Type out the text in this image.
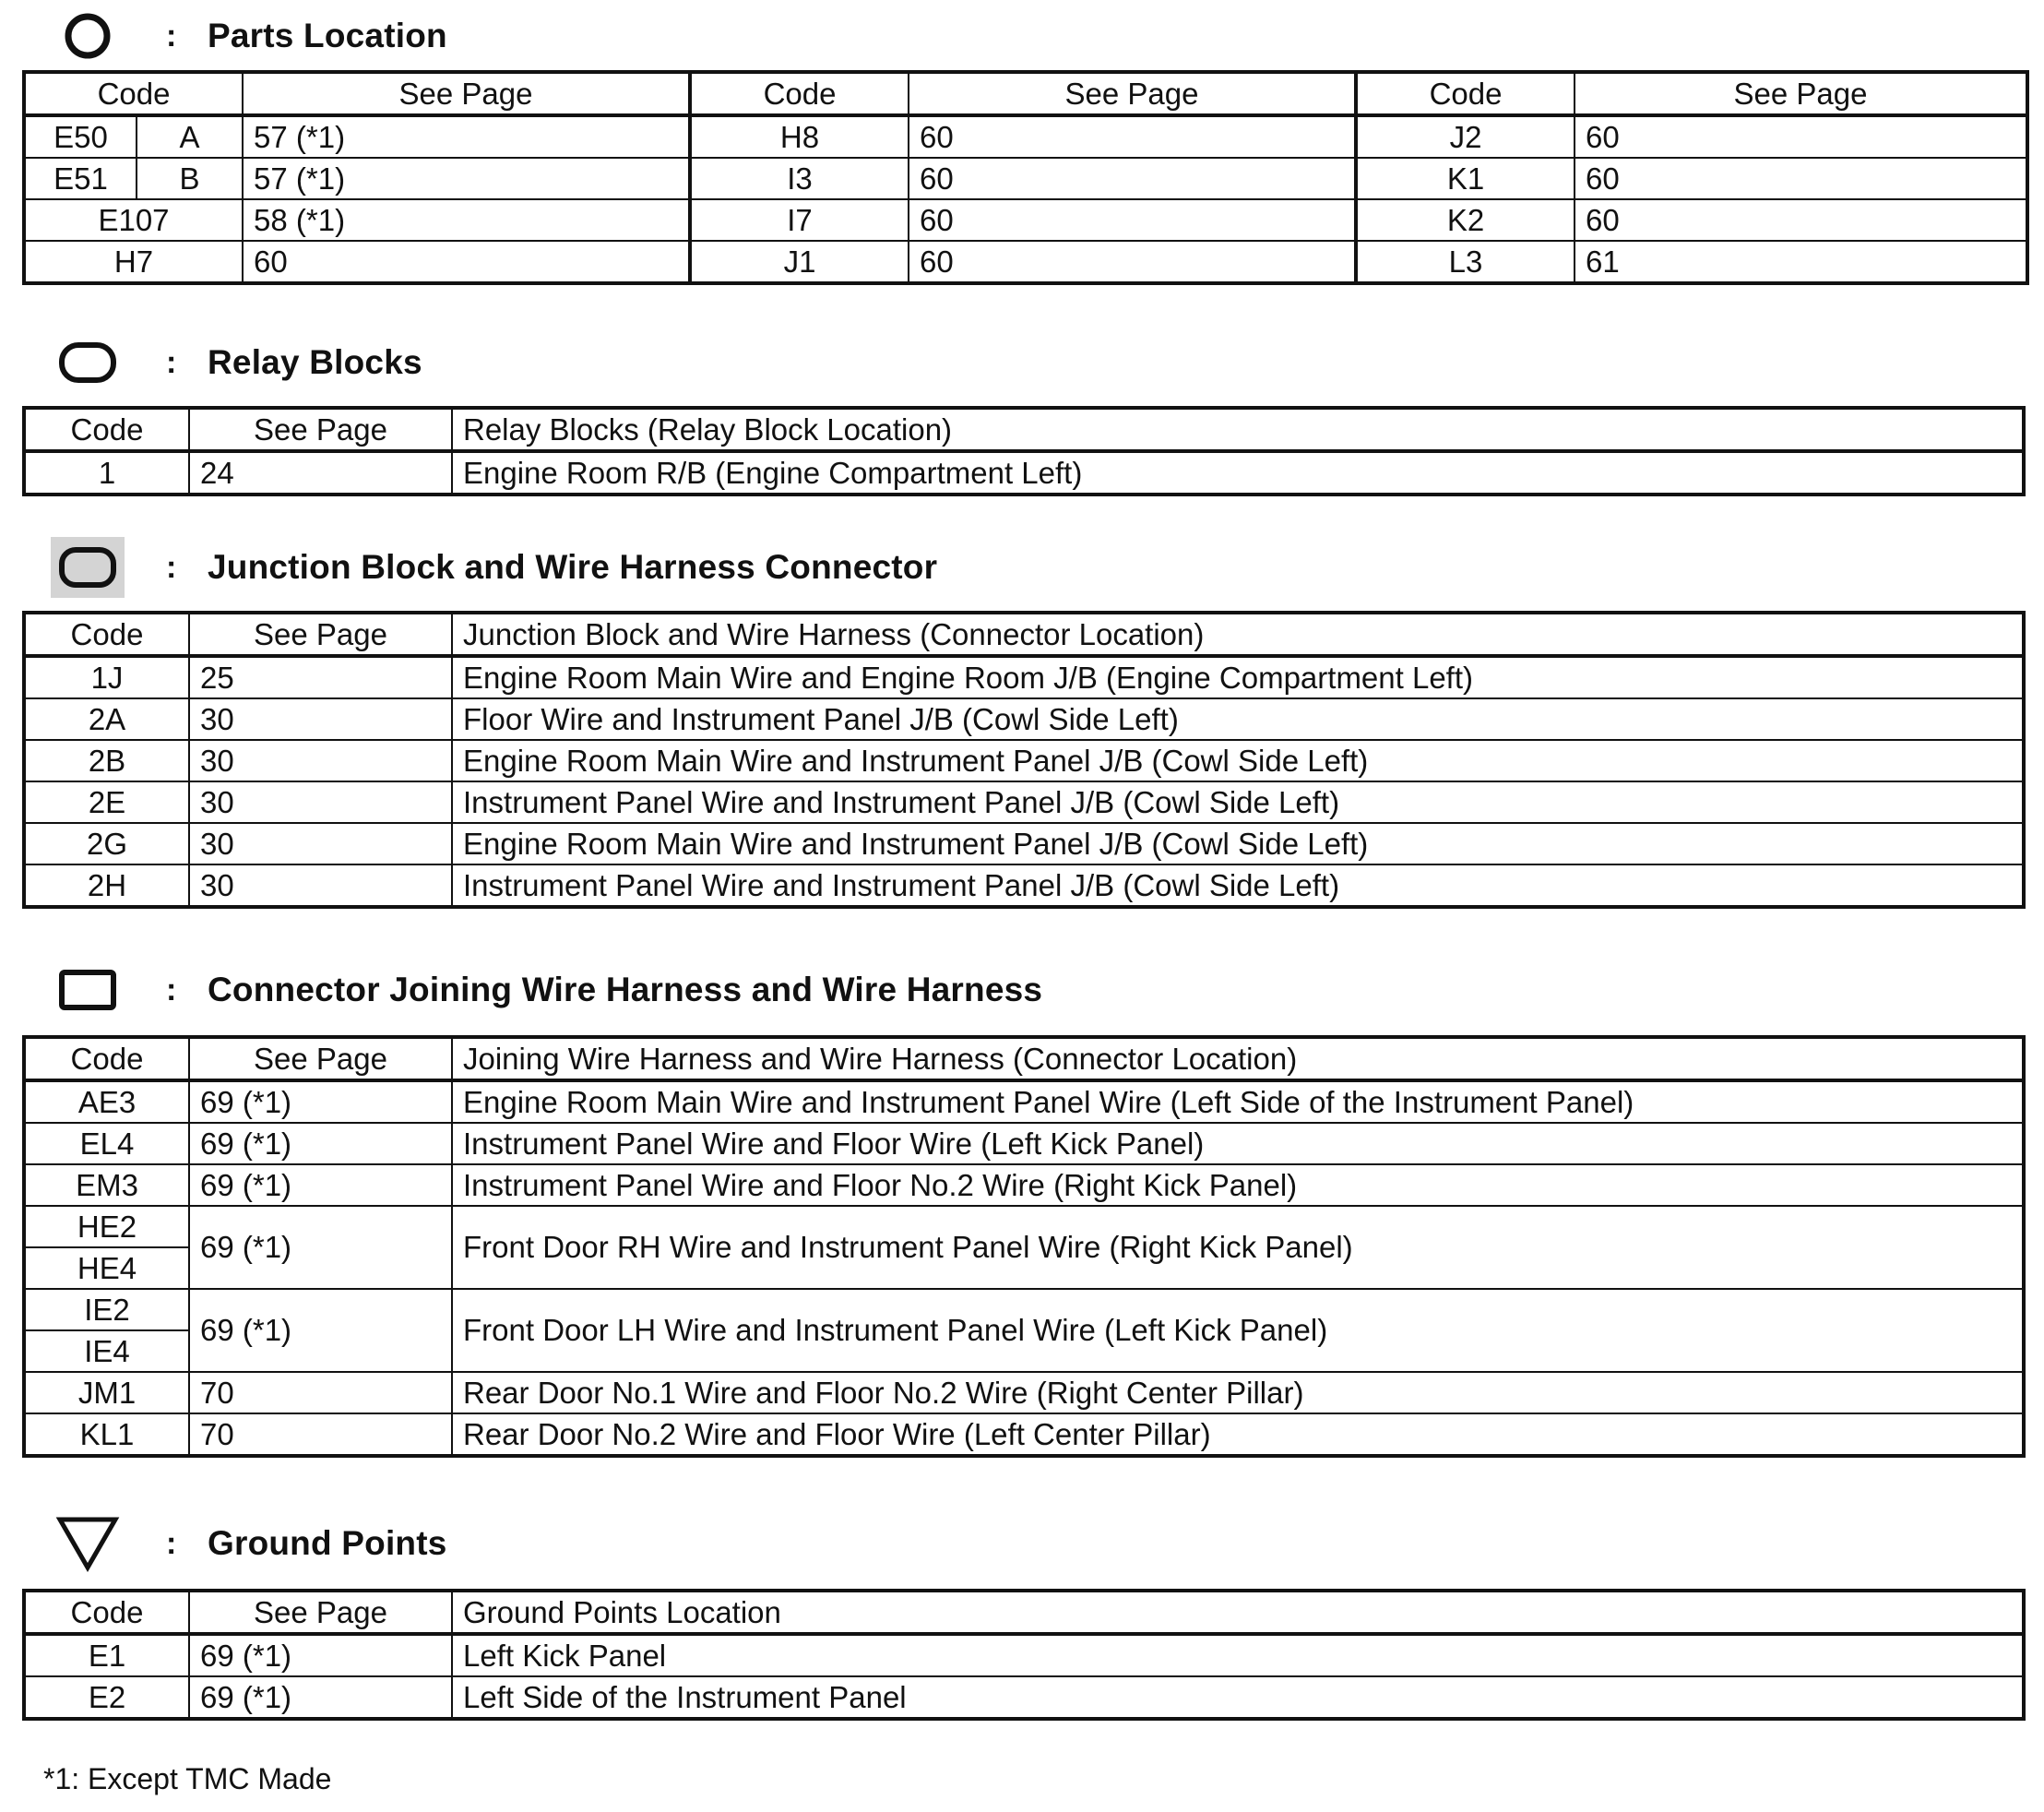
: Parts Location
Code		See Page	Code	See Page	Code	See Page
E50	A	57 (*1)	H8	60	J2	60
E51	B	57 (*1)	I3	60	K1	60
E107		58 (*1)	I7	60	K2	60
H7		60	J1	60	L3	61
: Relay Blocks
Code	See Page	Relay Blocks (Relay Block Location)
1	24	Engine Room R/B (Engine Compartment Left)
: Junction Block and Wire Harness Connector
Code	See Page	Junction Block and Wire Harness (Connector Location)
1J	25	Engine Room Main Wire and Engine Room J/B (Engine Compartment Left)
2A	30	Floor Wire and Instrument Panel J/B (Cowl Side Left)
2B	30	Engine Room Main Wire and Instrument Panel J/B (Cowl Side Left)
2E	30	Instrument Panel Wire and Instrument Panel J/B (Cowl Side Left)
2G	30	Engine Room Main Wire and Instrument Panel J/B (Cowl Side Left)
2H	30	Instrument Panel Wire and Instrument Panel J/B (Cowl Side Left)
: Connector Joining Wire Harness and Wire Harness
Code	See Page	Joining Wire Harness and Wire Harness (Connector Location)
AE3	69 (*1)	Engine Room Main Wire and Instrument Panel Wire (Left Side of the Instrument Panel)
EL4	69 (*1)	Instrument Panel Wire and Floor Wire (Left Kick Panel)
EM3	69 (*1)	Instrument Panel Wire and Floor No.2 Wire (Right Kick Panel)
HE2	69 (*1)	Front Door RH Wire and Instrument Panel Wire (Right Kick Panel)
HE4		
IE2	69 (*1)	Front Door LH Wire and Instrument Panel Wire (Left Kick Panel)
IE4		
JM1	70	Rear Door No.1 Wire and Floor No.2 Wire (Right Center Pillar)
KL1	70	Rear Door No.2 Wire and Floor Wire (Left Center Pillar)
: Ground Points
Code	See Page	Ground Points Location
E1	69 (*1)	Left Kick Panel
E2	69 (*1)	Left Side of the Instrument Panel
*1: Except TMC Made
